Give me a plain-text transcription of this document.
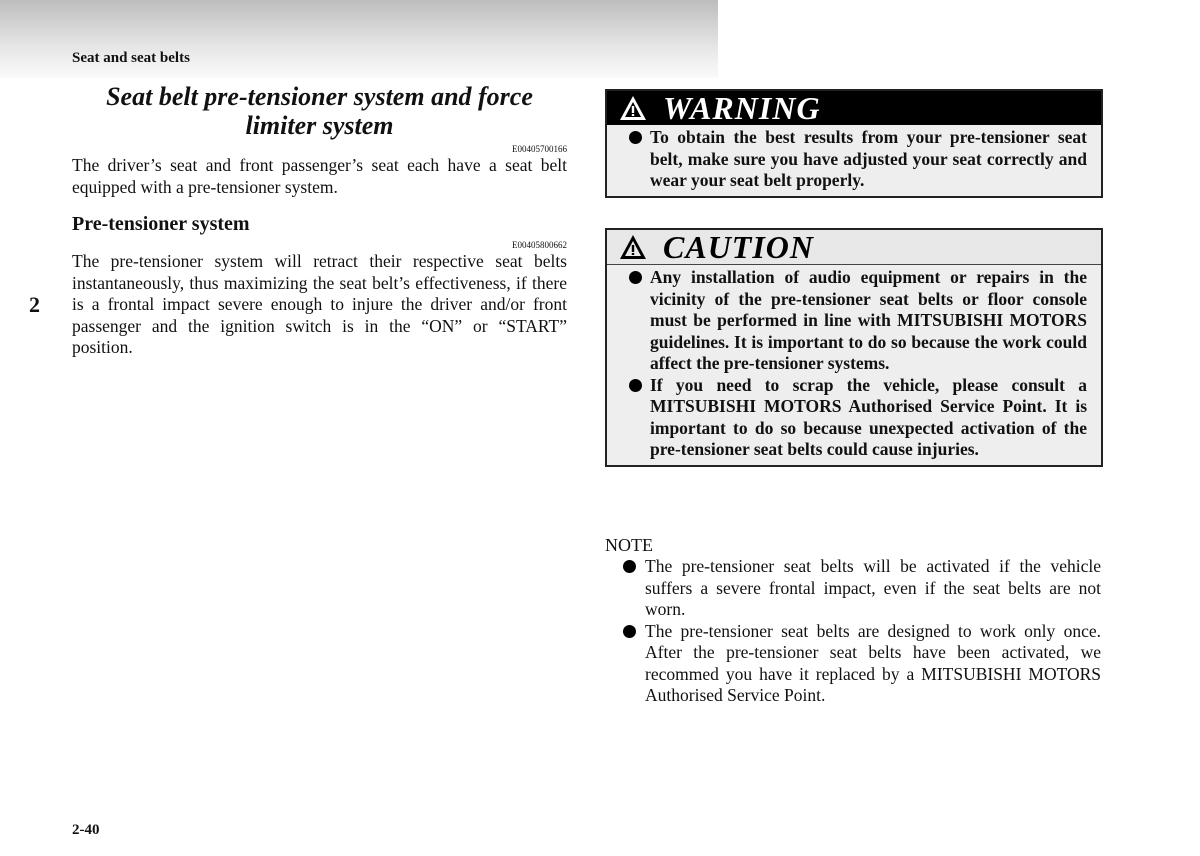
Seat and seat belts
2
Seat belt pre-tensioner system and force limiter system
E00405700166

The driver’s seat and front passenger’s seat each have a seat belt equipped with a pre-tensioner system.

Pre-tensioner system
E00405800662

The pre-tensioner system will retract their respective seat belts instantaneously, thus maximizing the seat belt’s effectiveness, if there is a frontal impact severe enough to injure the driver and/or front passenger and the ignition switch is in the “ON” or “START” position.

WARNING
To obtain the best results from your pre-tensioner seat belt, make sure you have adjusted your seat correctly and wear your seat belt properly.
CAUTION
Any installation of audio equipment or repairs in the vicinity of the pre-tensioner seat belts or floor console must be performed in line with MITSUBISHI MOTORS guidelines. It is important to do so because the work could affect the pre-tensioner systems.
If you need to scrap the vehicle, please consult a MITSUBISHI MOTORS Authorised Service Point. It is important to do so because unexpected activation of the pre-tensioner seat belts could cause injuries.
NOTE
The pre-tensioner seat belts will be activated if the vehicle suffers a severe frontal impact, even if the seat belts are not worn.
The pre-tensioner seat belts are designed to work only once. After the pre-tensioner seat belts have been activated, we recommed you have it replaced by a MITSUBISHI MOTORS Authorised Service Point.
2-40
